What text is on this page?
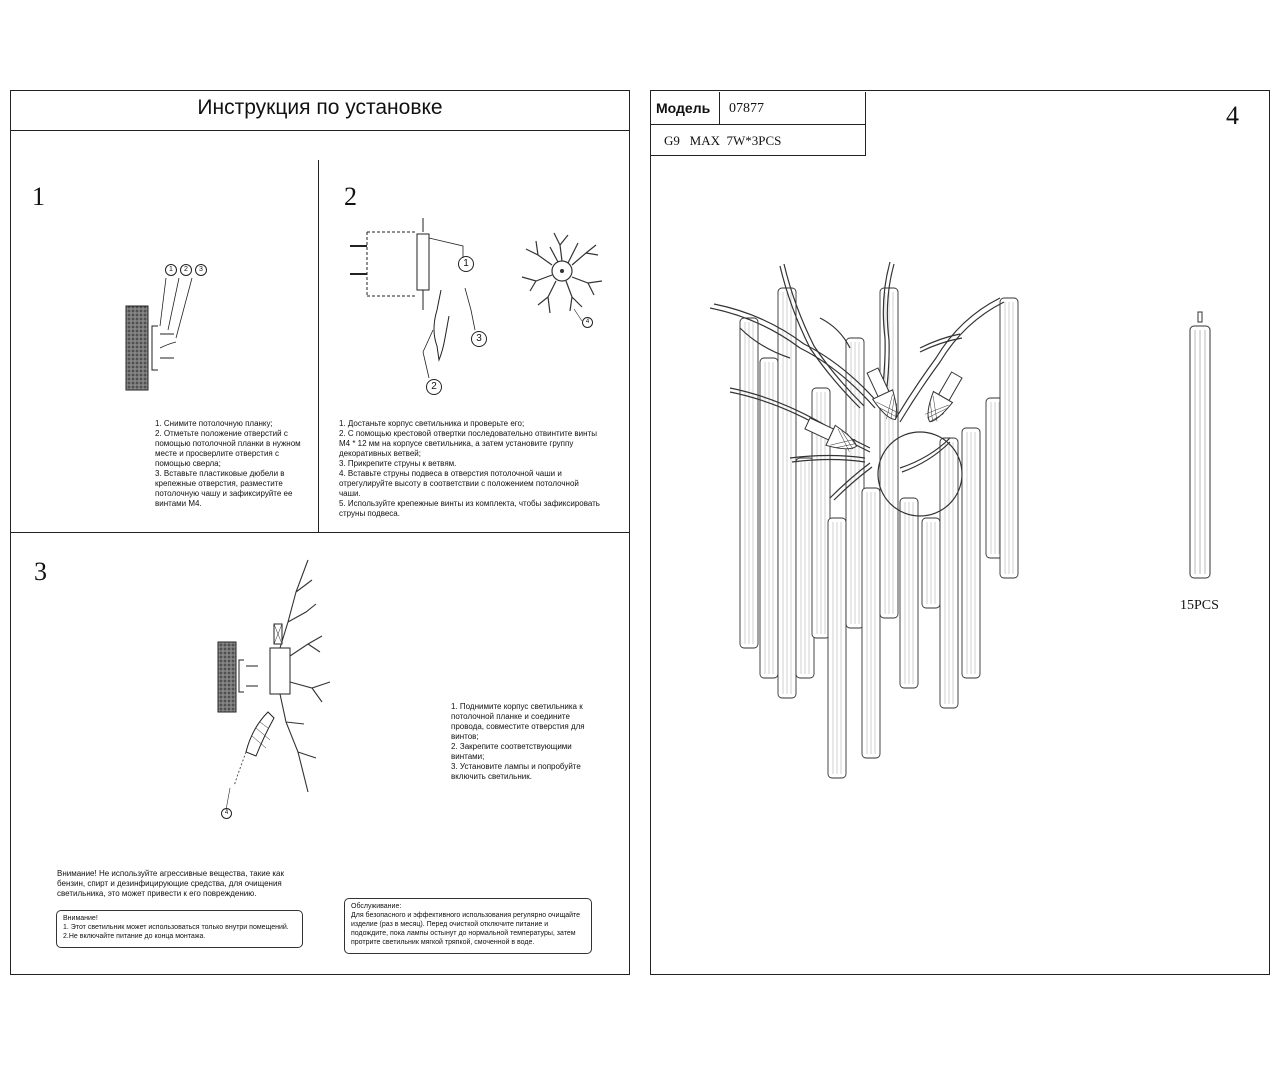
Инструкция по установке
1
1	2	3
1. Снимите потолочную планку;
2. Отметьте положение отверстий с помощью потолочной планки в нужном
месте и просверлите отверстия с помощью сверла;
3. Вставьте пластиковые дюбели в крепежные отверстия, разместите потолочную чашу и зафиксируйте ее винтами М4.
2
1
2
3
4
1. Достаньте корпус светильника и проверьте его;
2. С помощью крестовой отвертки последовательно отвинтите винты М4 * 12 мм на корпусе светильника, а затем установите группу декоративных ветвей;
3. Прикрепите струны к ветвям.
4. Вставьте струны подвеса в отверстия потолочной чаши и отрегулируйте высоту в соответствии с положением потолочной чаши.
5. Используйте крепежные винты из комплекта, чтобы зафиксировать струны подвеса.
3
4
1. Поднимите корпус светильника к потолочной планке и соедините провода, совместите отверстия для винтов;
2. Закрепите соответствующими винтами;
3. Установите лампы и попробуйте включить светильник.
Внимание! Не используйте агрессивные вещества, такие как бензин, спирт и дезинфицирующие средства, для очищения светильника, это может привести к его повреждению.
Внимание!
1. Этот светильник может использоваться только внутри помещений.
2.Не включайте питание до конца монтажа.
Обслуживание:
Для безопасного и эффективного использования регулярно очищайте изделие (раз в месяц). Перед очисткой отключите питание и подождите, пока лампы остынут до нормальной температуры, затем протрите светильник мягкой тряпкой, смоченной в воде.
Модель 07877
G9   MAX  7W*3PCS
4
15PCS
